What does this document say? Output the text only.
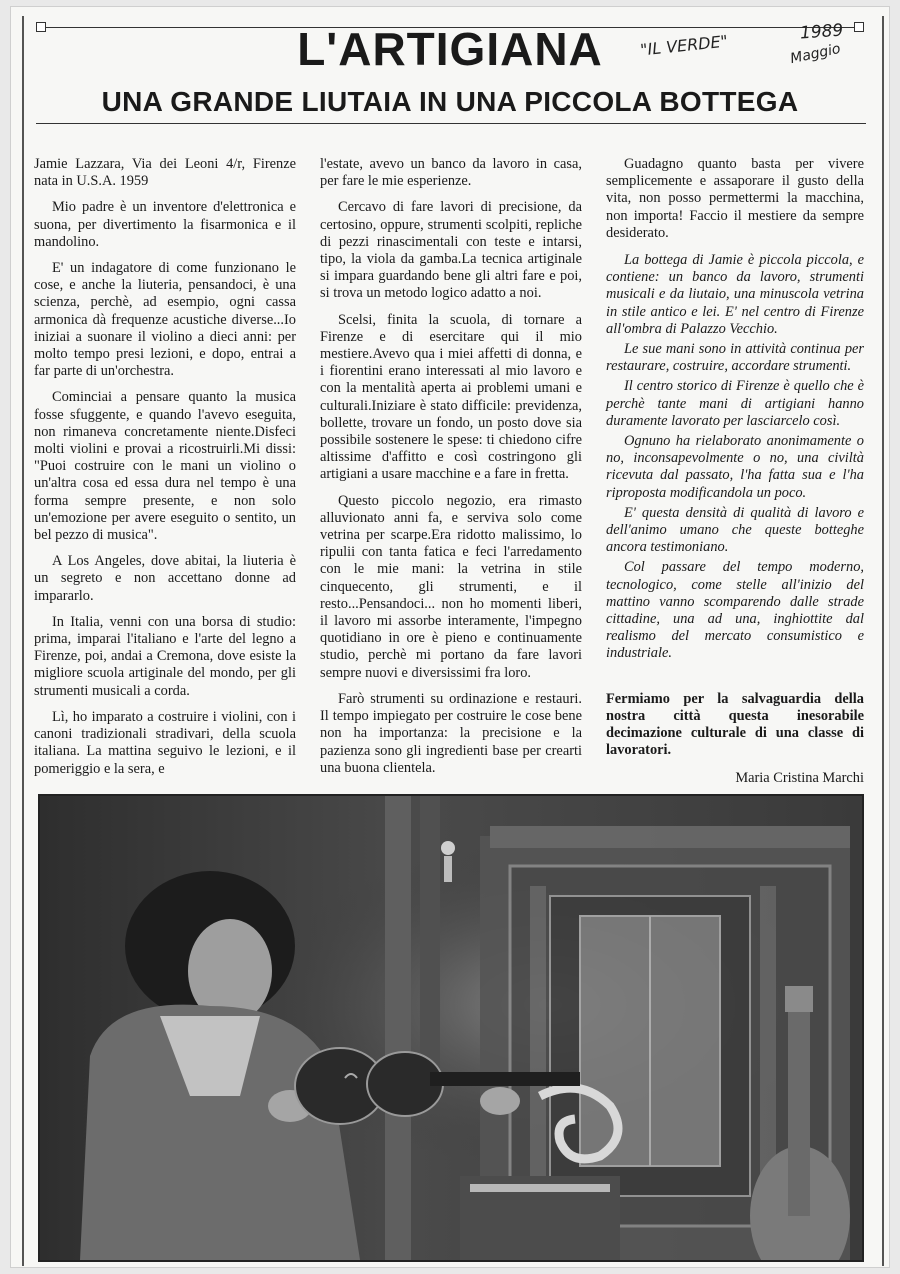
L'ARTIGIANA	"IL VERDE"	1989
Maggio
UNA GRANDE LIUTAIA IN UNA PICCOLA BOTTEGA

Jamie Lazzara, Via dei Leoni 4/r, Firenze nata in U.S.A. 1959

Mio padre è un inventore d'elettronica e suona, per divertimento la fisarmonica e il mandolino.

E' un indagatore di come funzionano le cose, e anche la liuteria, pensandoci, è una scienza, perchè, ad esempio, ogni cassa armonica dà frequenze acustiche diverse...Io iniziai a suonare il violino a dieci anni: per molto tempo presi lezioni, e dopo, entrai a far parte di un'orchestra.

Cominciai a pensare quanto la musica fosse sfuggente, e quando l'avevo eseguita, non rimaneva concretamente niente.Disfeci molti violini e provai a ricostruirli.Mi dissi: "Puoi costruire con le mani un violino o un'altra cosa ed essa dura nel tempo è una forma sempre presente, e non solo un'emozione per avere eseguito o sentito, un bel pezzo di musica".

A Los Angeles, dove abitai, la liuteria è un segreto e non accettano donne ad impararlo.

In Italia, venni con una borsa di studio: prima, imparai l'italiano e l'arte del legno a Firenze, poi, andai a Cremona, dove esiste la migliore scuola artiginale del mondo, per gli strumenti musicali a corda.

Lì, ho imparato a costruire i violini, con i canoni tradizionali stradivari, della scuola italiana. La mattina seguivo le lezioni, e il pomeriggio e la sera, e

l'estate, avevo un banco da lavoro in casa, per fare le mie esperienze.

Cercavo di fare lavori di precisione, da certosino, oppure, strumenti scolpiti, repliche di pezzi rinascimentali con teste e intarsi, tipo, la viola da gamba.La tecnica artiginale si impara guardando bene gli altri fare e poi, si trova un metodo logico adatto a noi.

Scelsi, finita la scuola, di tornare a Firenze e di esercitare qui il mio mestiere.Avevo qua i miei affetti di donna, e i fiorentini erano interessati al mio lavoro e con la mentalità aperta ai problemi umani e culturali.Iniziare è stato difficile: previdenza, bollette, trovare un fondo, un posto dove sia possibile sostenere le spese: ti chiedono cifre altissime d'affitto e così costringono gli artigiani a usare macchine e a fare in fretta.

Questo piccolo negozio, era rimasto alluvionato anni fa, e serviva solo come vetrina per scarpe.Era ridotto malissimo, lo ripulii con tanta fatica e feci l'arredamento con le mie mani: la vetrina in stile cinquecento, gli strumenti, e il resto...Pensandoci... non ho momenti liberi, il lavoro mi assorbe interamente, l'impegno quotidiano in ore è pieno e continuamente studio, perchè mi portano da fare lavori sempre nuovi e diversissimi fra loro.

Farò strumenti su ordinazione e restauri. Il tempo impiegato per costruire le cose bene non ha importanza: la precisione e la pazienza sono gli ingredienti base per crearti una buona clientela.

Guadagno quanto basta per vivere semplicemente e assaporare il gusto della vita, non posso permettermi la macchina, non importa! Faccio il mestiere da sempre desiderato.

La bottega di Jamie è piccola piccola, e contiene: un banco da lavoro, strumenti musicali e da liutaio, una minuscola vetrina in stile antico e lei. E' nel centro di Firenze all'ombra di Palazzo Vecchio.

Le sue mani sono in attività continua per restaurare, costruire, accordare strumenti.

Il centro storico di Firenze è quello che è perchè tante mani di artigiani hanno duramente lavorato per lasciarcelo così.

Ognuno ha rielaborato anonimamente o no, inconsapevolmente o no, una civiltà ricevuta dal passato, l'ha fatta sua e l'ha riproposta modificandola un poco.

E' questa densità di qualità di lavoro e dell'animo umano che queste botteghe ancora testimoniano.

Col passare del tempo moderno, tecnologico, come stelle all'inizio del mattino vanno scomparendo dalle strade cittadine, una ad una, inghiottite dal realismo del mercato consumistico e industriale.

Fermiamo per la salvaguardia della nostra città questa inesorabile decimazione culturale di una classe di lavoratori.

Maria Cristina Marchi
